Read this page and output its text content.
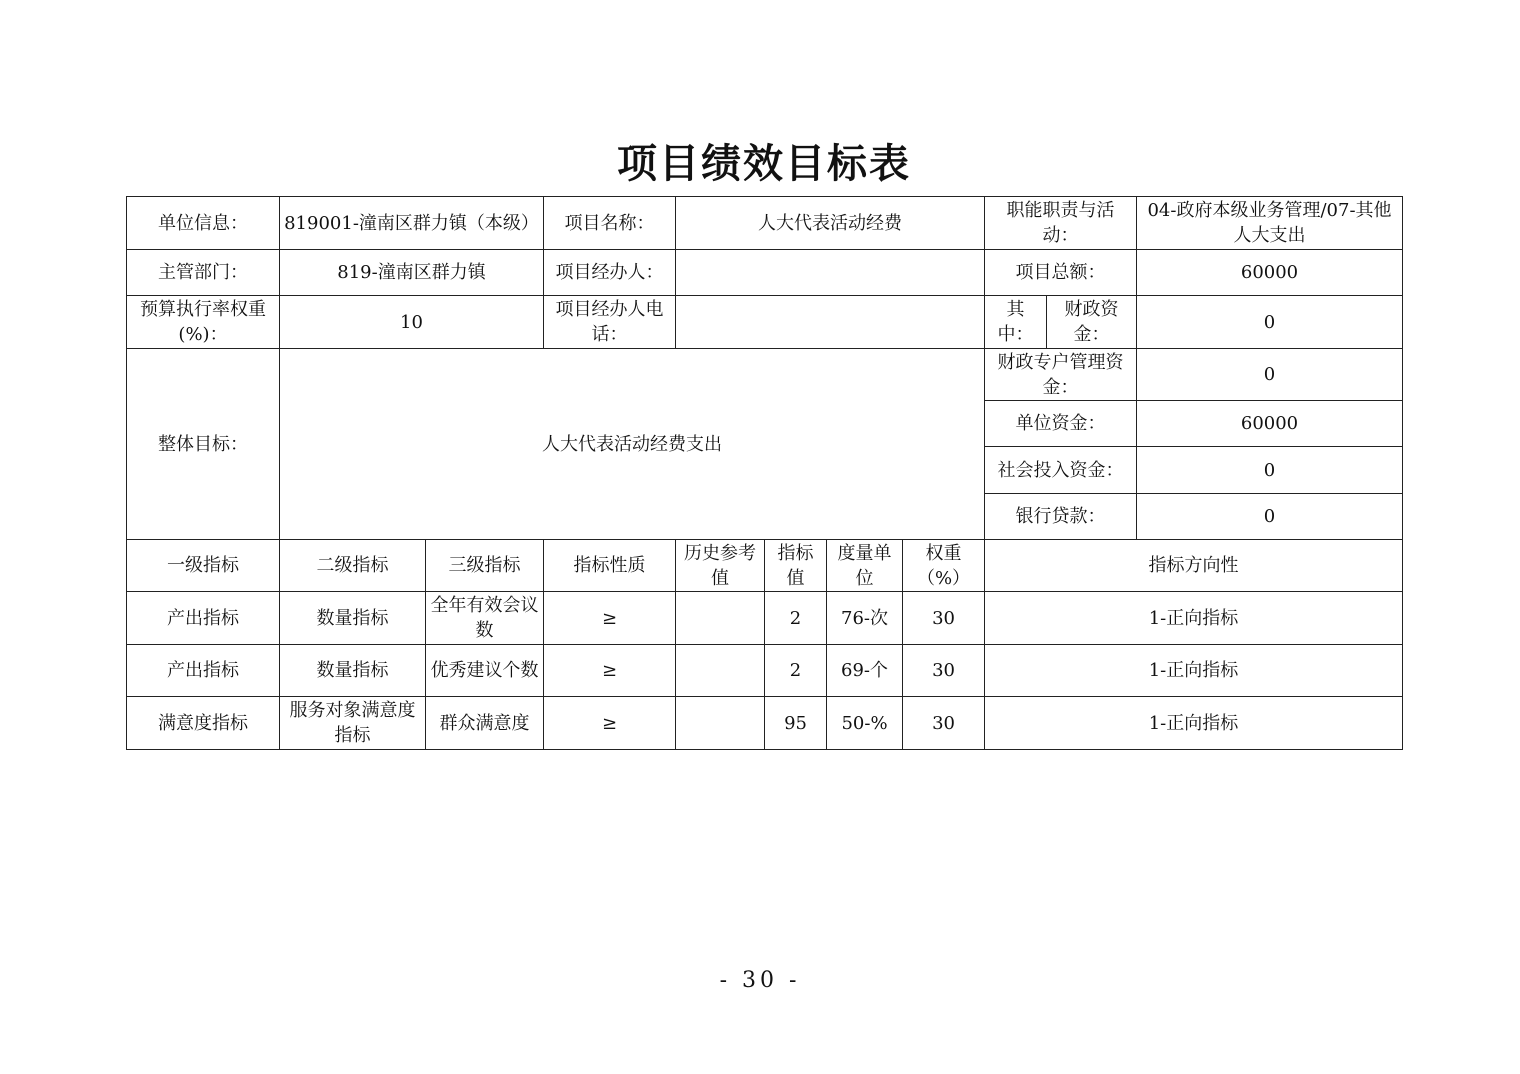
项目绩效目标表
单位信息：	819001-潼南区群力镇（本级）		项目名称：	人大代表活动经费				职能职责与活动：		04-政府本级业务管理/07-其他人大支出
主管部门：	819-潼南区群力镇		项目经办人：					项目总额：		60000
预算执行率权重(%)：	10		项目经办人电话：					其中：	财政资金：	0
整体目标：	人大代表活动经费支出							财政专户管理资金：		0
								单位资金：		60000
								社会投入资金：		0
								银行贷款：		0
一级指标	二级指标	三级指标	指标性质	历史参考值	指标值	度量单位	权重（%）	指标方向性		
产出指标	数量指标	全年有效会议数	≥		2	76-次	30	1-正向指标		
产出指标	数量指标	优秀建议个数	≥		2	69-个	30	1-正向指标		
满意度指标	服务对象满意度指标	群众满意度	≥		95	50-%	30	1-正向指标		
- 30 -
